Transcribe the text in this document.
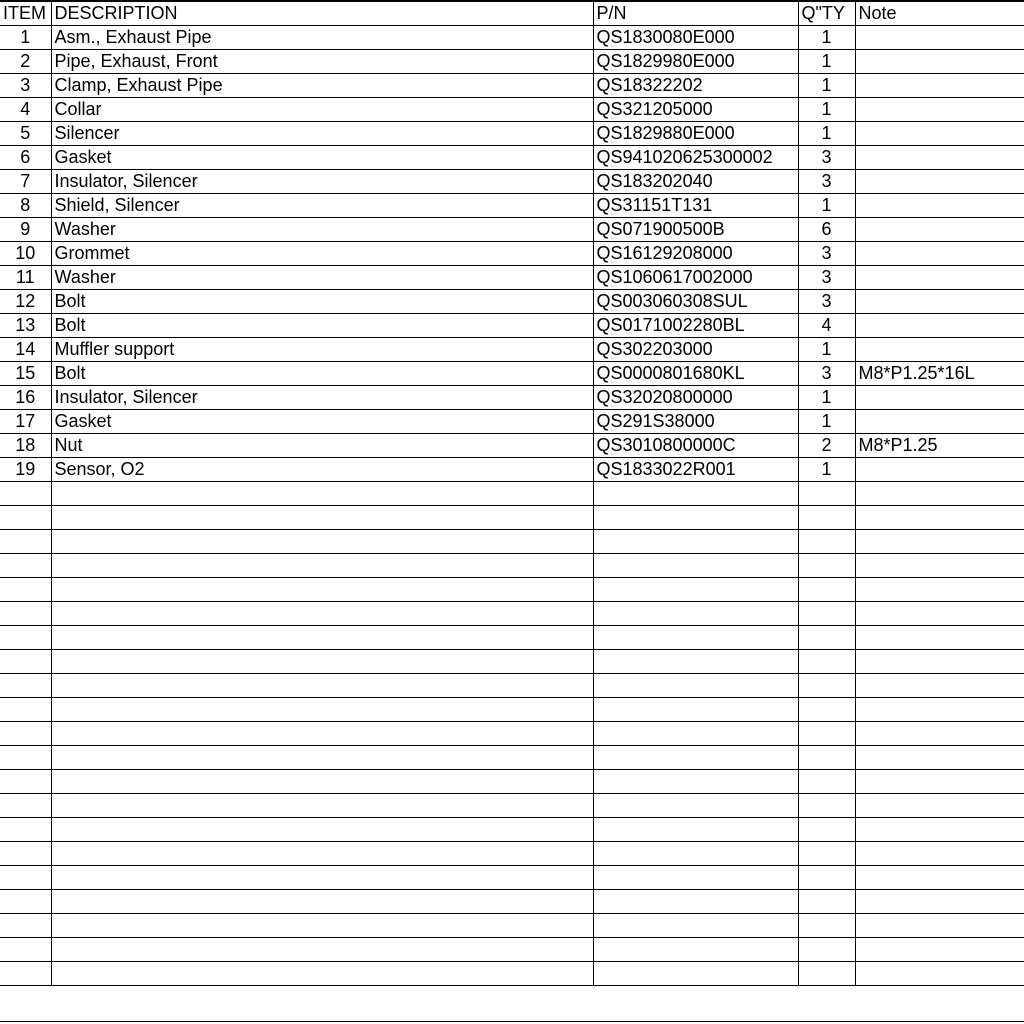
ITEM	DESCRIPTION	P/N	Q"TY	Note
1	Asm., Exhaust Pipe	QS1830080E000	1	
2	Pipe, Exhaust, Front	QS1829980E000	1	
3	Clamp, Exhaust Pipe	QS18322202	1	
4	Collar	QS321205000	1	
5	Silencer	QS1829880E000	1	
6	Gasket	QS941020625300002	3	
7	Insulator, Silencer	QS183202040	3	
8	Shield, Silencer	QS31151T131	1	
9	Washer	QS071900500B	6	
10	Grommet	QS16129208000	3	
11	Washer	QS1060617002000	3	
12	Bolt	QS003060308SUL	3	
13	Bolt	QS0171002280BL	4	
14	Muffler support	QS302203000	1	
15	Bolt	QS0000801680KL	3	M8*P1.25*16L
16	Insulator, Silencer	QS32020800000	1	
17	Gasket	QS291S38000	1	
18	Nut	QS3010800000C	2	M8*P1.25
19	Sensor, O2	QS1833022R001	1	
